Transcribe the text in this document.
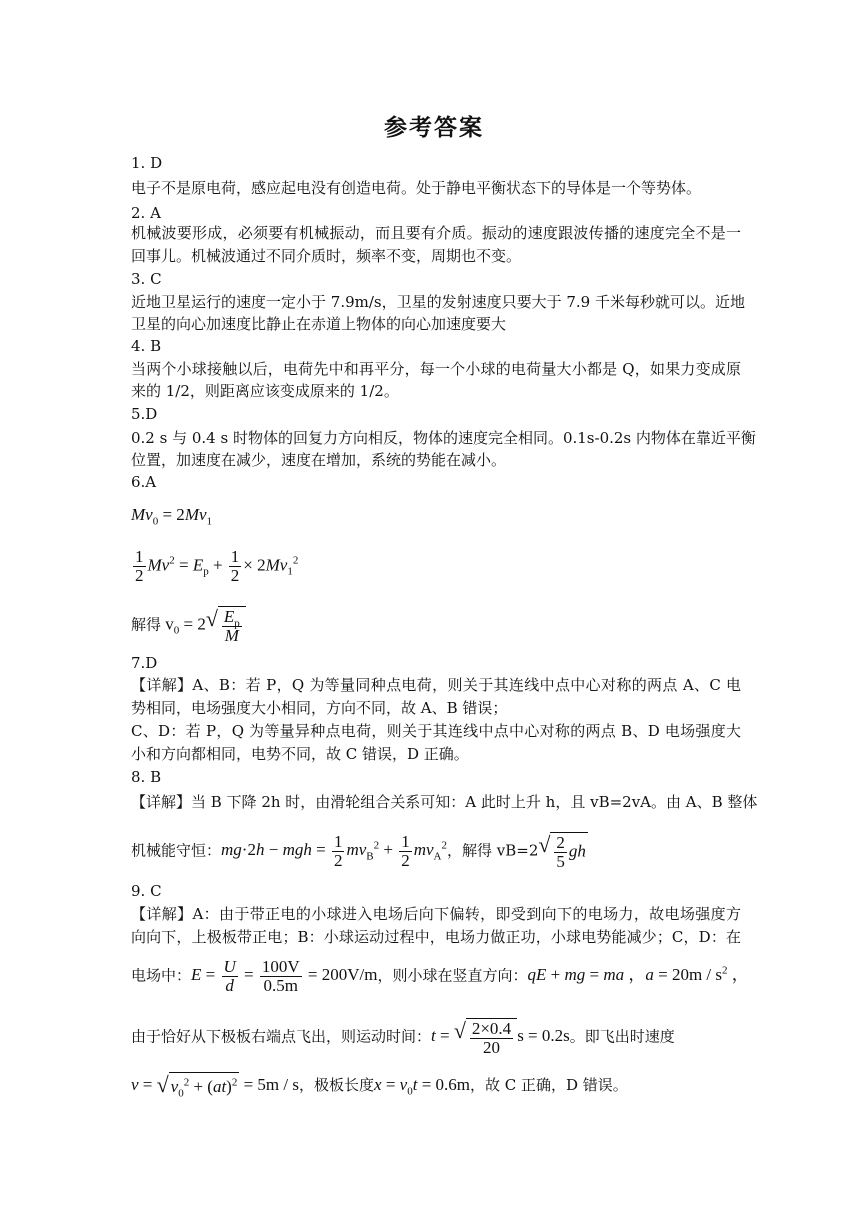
参考答案
1. D
电子不是原电荷，感应起电没有创造电荷。处于静电平衡状态下的导体是一个等势体。
2. A
机械波要形成，必须要有机械振动，而且要有介质。振动的速度跟波传播的速度完全不是一
回事儿。机械波通过不同介质时，频率不变，周期也不变。
3. C
近地卫星运行的速度一定小于 7.9m/s，卫星的发射速度只要大于 7.9 千米每秒就可以。近地
卫星的向心加速度比静止在赤道上物体的向心加速度要大
4. B
当两个小球接触以后，电荷先中和再平分，每一个小球的电荷量大小都是 Q，如果力变成原
来的 1/2，则距离应该变成原来的 1/2。
5.D
0.2 s 与 0.4 s 时物体的回复力方向相反，物体的速度完全相同。0.1s-0.2s 内物体在靠近平衡
位置，加速度在减少，速度在增加，系统的势能在减小。
6.A
$Mv_0 = 2Mv_1$
$\frac{1}{2} Mv^2 = E_p + \frac{1}{2} \times 2Mv_1^2$
解得 $v_0 = 2$ √ $\frac{E_p}{M}$
7.D
【详解】A、B：若 P，Q 为等量同种点电荷，则关于其连线中点中心对称的两点 A、C 电
势相同，电场强度大小相同，方向不同，故 A、B 错误；
C、D：若 P，Q 为等量异种点电荷，则关于其连线中点中心对称的两点 B、D 电场强度大
小和方向都相同，电势不同，故 C 错误，D 正确。
8. B
【详解】当 B 下降 2h 时，由滑轮组合关系可知：A 此时上升 h，且 vB=2vA。由 A、B 整体
机械能守恒：mg·2h − mgh = $\frac{1}{2} mv_B^2 + \frac{1}{2} mv_A^2$，解得 vB=2 √ $\frac{2}{5}$ gh
9. C
【详解】A：由于带正电的小球进入电场后向下偏转，即受到向下的电场力，故电场强度方
向向下，上极板带正电；B：小球运动过程中，电场力做正功，小球电势能减少；C，D：在
电场中：$E = \frac{U}{d} = \frac{100V}{0.5m} = 200V/m$，则小球在竖直方向：qE + mg = ma ，$a = 20m / s^2$ ，
由于恰好从下极板右端点飞出，则运动时间：t = √ $\frac{2\times 0.4}{20}$ s = 0.2s。即飞出时速度
v = √ $v_0^2 + (at)^2 = 5m / s$，极板长度$x = v_0t = 0.6m$，故 C 正确，D 错误。
